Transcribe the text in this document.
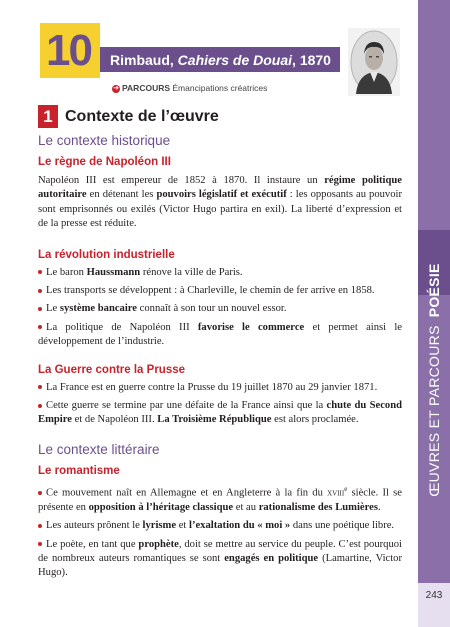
10 Rimbaud, Cahiers de Douai, 1870
➔ PARCOURS Émancipations créatrices
ŒUVRES ET PARCOURSPOÉSIE
243
1 Contexte de l’œuvre

Le contexte historique

Le règne de Napoléon III

Napoléon III est empereur de 1852 à 1870. Il instaure un régime politique autoritaire en détenant les pouvoirs législatif et exécutif : les opposants au pouvoir sont emprisonnés ou exilés (Victor Hugo partira en exil). La liberté d’expression et de la presse est réduite.

La révolution industrielle

Le baron Haussmann rénove la ville de Paris.

Les transports se développent : à Charleville, le chemin de fer arrive en 1858.

Le système bancaire connaît à son tour un nouvel essor.

La politique de Napoléon III favorise le commerce et permet ainsi le développement de l’industrie.

La Guerre contre la Prusse

La France est en guerre contre la Prusse du 19 juillet 1870 au 29 janvier 1871.

Cette guerre se termine par une défaite de la France ainsi que la chute du Second Empire et de Napoléon III. La Troisième République est alors proclamée.

Le contexte littéraire

Le romantisme

Ce mouvement naît en Allemagne et en Angleterre à la fin du xviii$^e$ siècle. Il se présente en opposition à l’héritage classique et au rationalisme des Lumières.

Les auteurs prônent le lyrisme et l’exaltation du « moi » dans une poétique libre.

Le poète, en tant que prophète, doit se mettre au service du peuple. C’est pourquoi de nombreux auteurs romantiques se sont engagés en politique (Lamartine, Victor Hugo).
